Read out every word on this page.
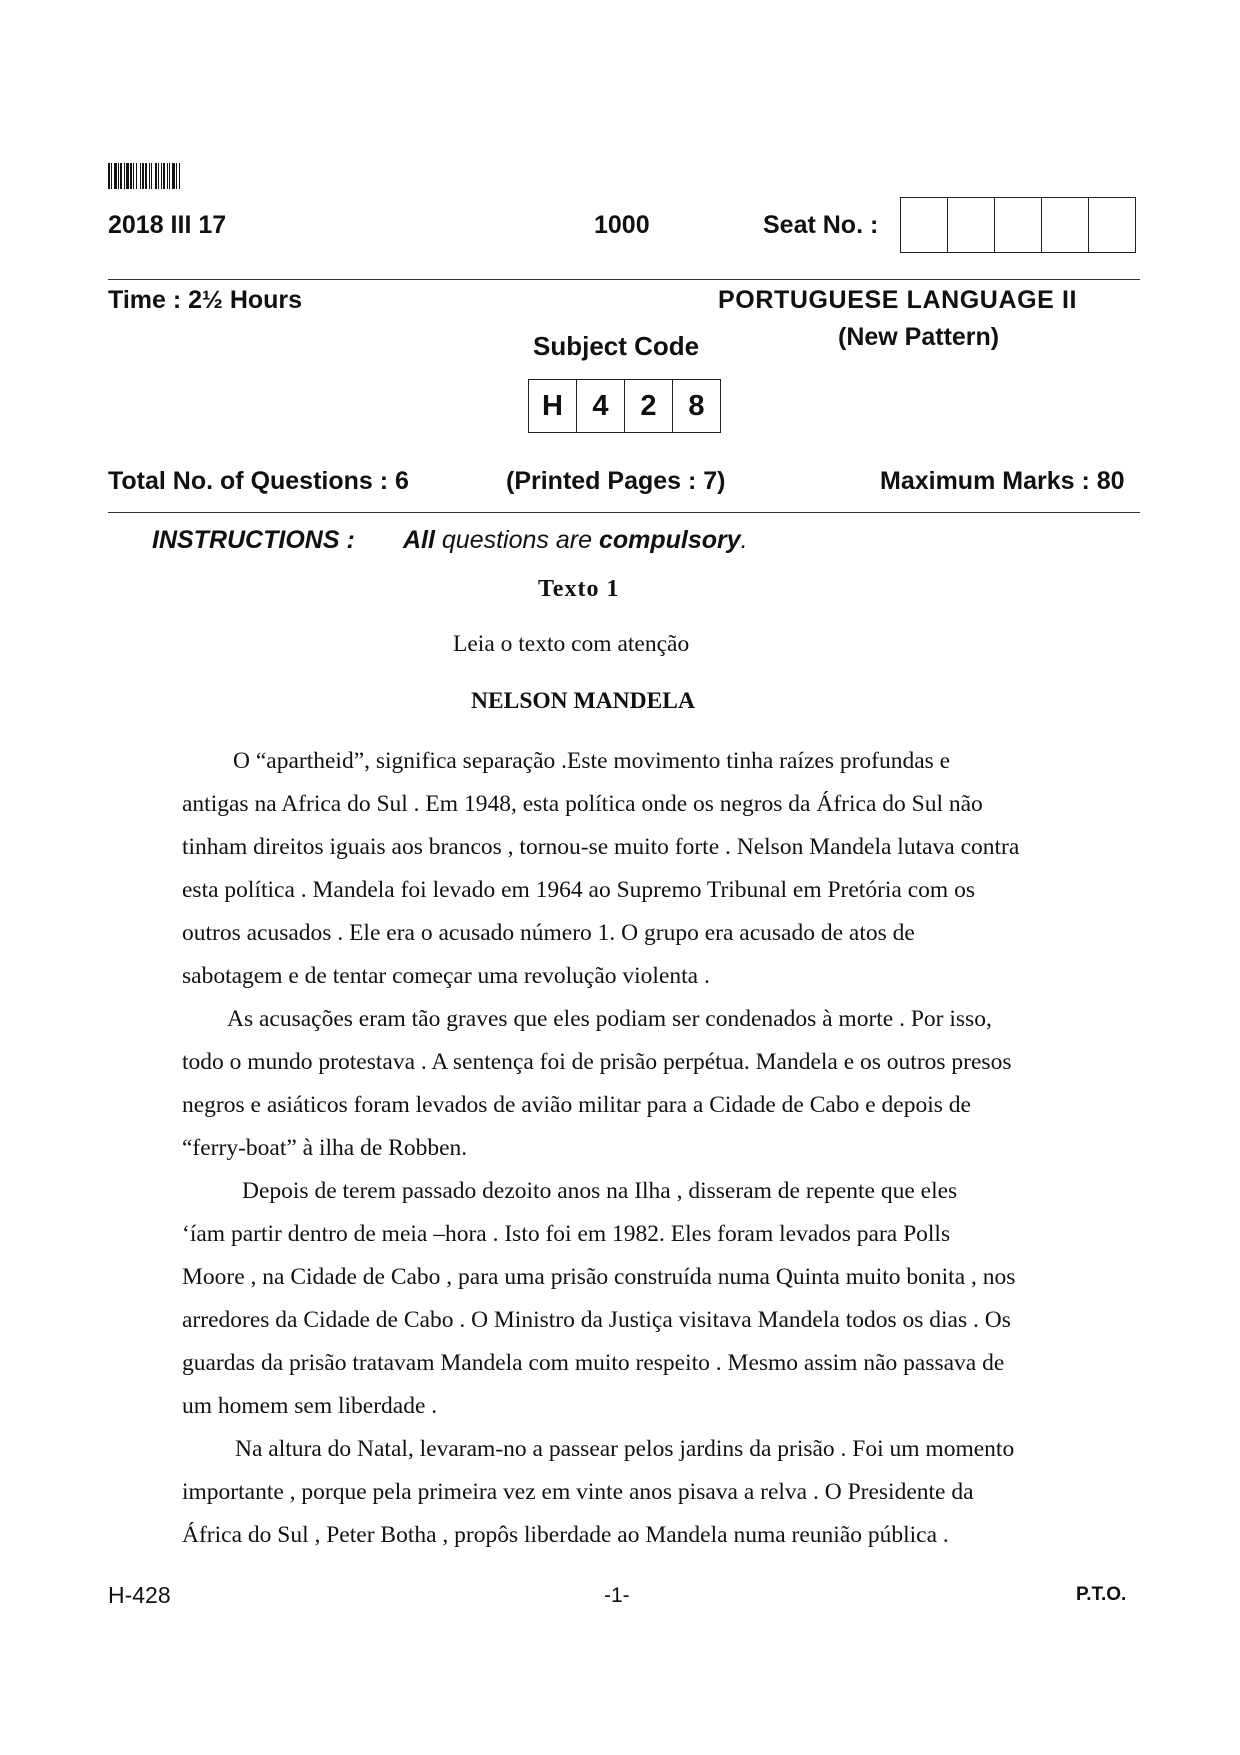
2018 III 17	1000	Seat No. :
Time : 2½ Hours	PORTUGUESE LANGUAGE II
(New Pattern)
Subject Code
H	4	2	8
Total No. of Questions : 6	(Printed Pages : 7)	Maximum Marks : 80
INSTRUCTIONS : All questions are compulsory.
Texto 1
Leia o texto com atenção
NELSON MANDELA
O “apartheid”, significa separação .Este movimento tinha raízes profundas e
antigas na Africa do Sul . Em 1948, esta política onde os negros da África do Sul não
tinham direitos iguais aos brancos , tornou-se muito forte . Nelson Mandela lutava contra
esta política . Mandela foi levado em 1964 ao Supremo Tribunal em Pretória com os
outros acusados . Ele era o acusado número 1. O grupo era acusado de atos de
sabotagem e de tentar começar uma revolução violenta .
As acusações eram tão graves que eles podiam ser condenados à morte . Por isso,
todo o mundo protestava . A sentença foi de prisão perpétua. Mandela e os outros presos
negros e asiáticos foram levados de avião militar para a Cidade de Cabo e depois de
“ferry-boat” à ilha de Robben.
Depois de terem passado dezoito anos na Ilha , disseram de repente que eles
‘íam partir dentro de meia –hora . Isto foi em 1982. Eles foram levados para Polls
Moore , na Cidade de Cabo , para uma prisão construída numa Quinta muito bonita , nos
arredores da Cidade de Cabo . O Ministro da Justiça visitava Mandela todos os dias . Os
guardas da prisão tratavam Mandela com muito respeito . Mesmo assim não passava de
um homem sem liberdade .
Na altura do Natal, levaram-no a passear pelos jardins da prisão . Foi um momento
importante , porque pela primeira vez em vinte anos pisava a relva . O Presidente da
África do Sul , Peter Botha , propôs liberdade ao Mandela numa reunião pública .
H-428	-1-	P.T.O.
